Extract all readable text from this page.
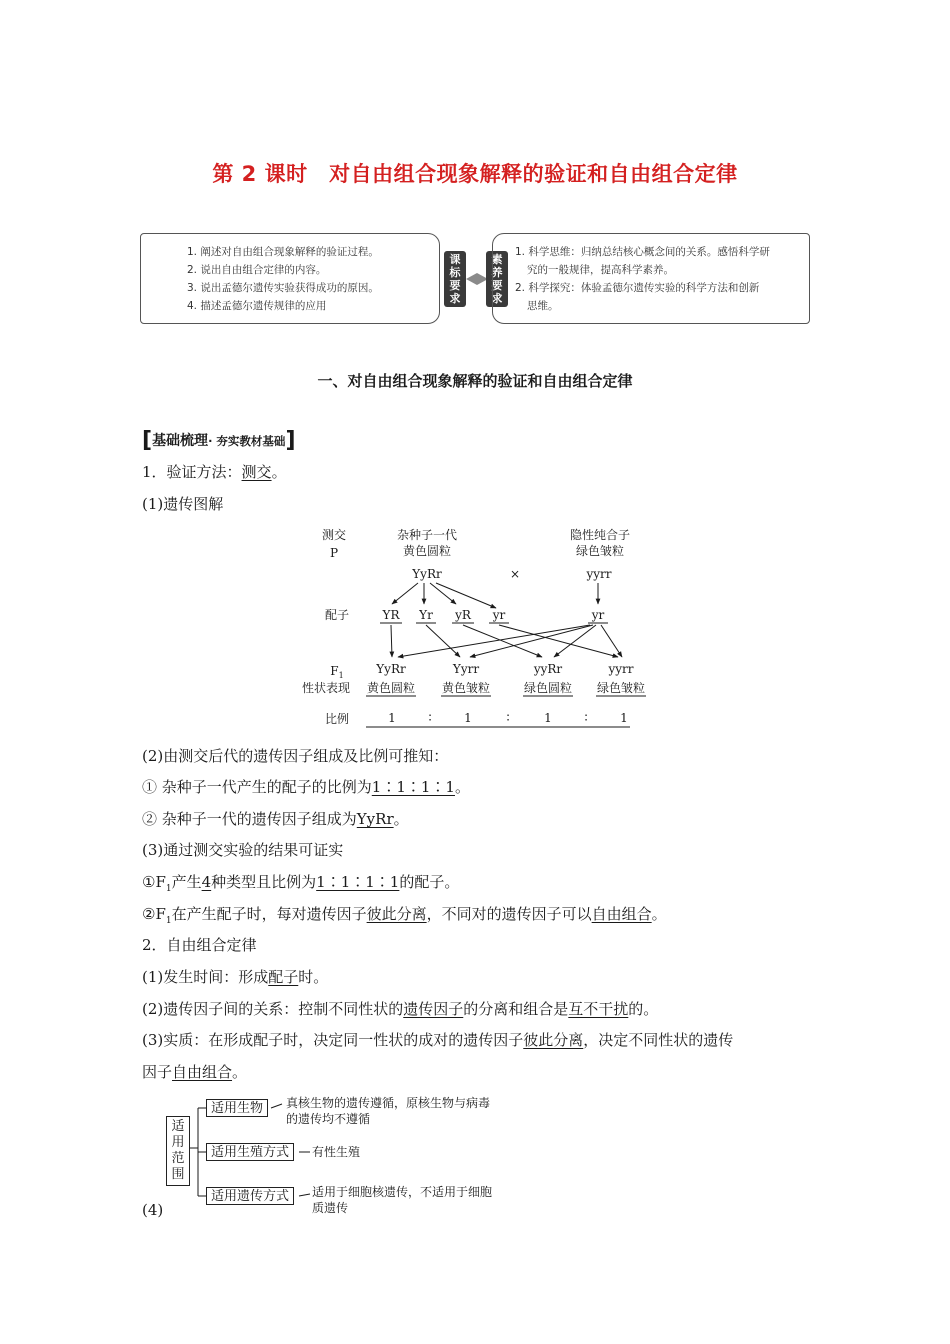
第 2 课时　对自由组合现象解释的验证和自由组合定律
1. 阐述对自由组合现象解释的验证过程。
2. 说出自由组合定律的内容。
3. 说出孟德尔遗传实验获得成功的原因。
4. 描述孟德尔遗传规律的应用
课标要求
素养要求
1. 科学思维：归纳总结核心概念间的关系。感悟科学研
究的一般规律，提高科学素养。
2. 科学探究：体验孟德尔遗传实验的科学方法和创新
思维。
一、对自由组合现象解释的验证和自由组合定律
[基础梳理· 夯实教材基础]
1．验证方法：测交。
(1)遗传图解
测交
P
杂种子一代
黄色圆粒
隐性纯合子
绿色皱粒
YyRr	×	yyrr
配子	YR Yr yR yr	yr
$F_1$	YyRr	Yyrr	yyRr	yyrr
性状表现 黄色圆粒 黄色皱粒	绿色圆粒 绿色皱粒
比例	1	∶	1	∶	1	∶	1
(2)由测交后代的遗传因子组成及比例可推知：
① 杂种子一代产生的配子的比例为1∶1∶1∶1。
② 杂种子一代的遗传因子组成为YyRr。
(3)通过测交实验的结果可证实
$①F_1$产生4种类型且比例为1∶1∶1∶1的配子。
$②F_1$在产生配子时，每对遗传因子彼此分离，不同对的遗传因子可以自由组合。
2．自由组合定律
(1)发生时间：形成配子时。
(2)遗传因子间的关系：控制不同性状的遗传因子的分离和组合是互不干扰的。
(3)实质：在形成配子时，决定同一性状的成对的遗传因子彼此分离，决定不同性状的遗传
因子自由组合。
适用范围
适用生物
适用生殖方式
适用遗传方式
真核生物的遗传遵循，原核生物与病毒
的遗传均不遵循
有性生殖
适用于细胞核遗传，不适用于细胞
质遗传
(4)
